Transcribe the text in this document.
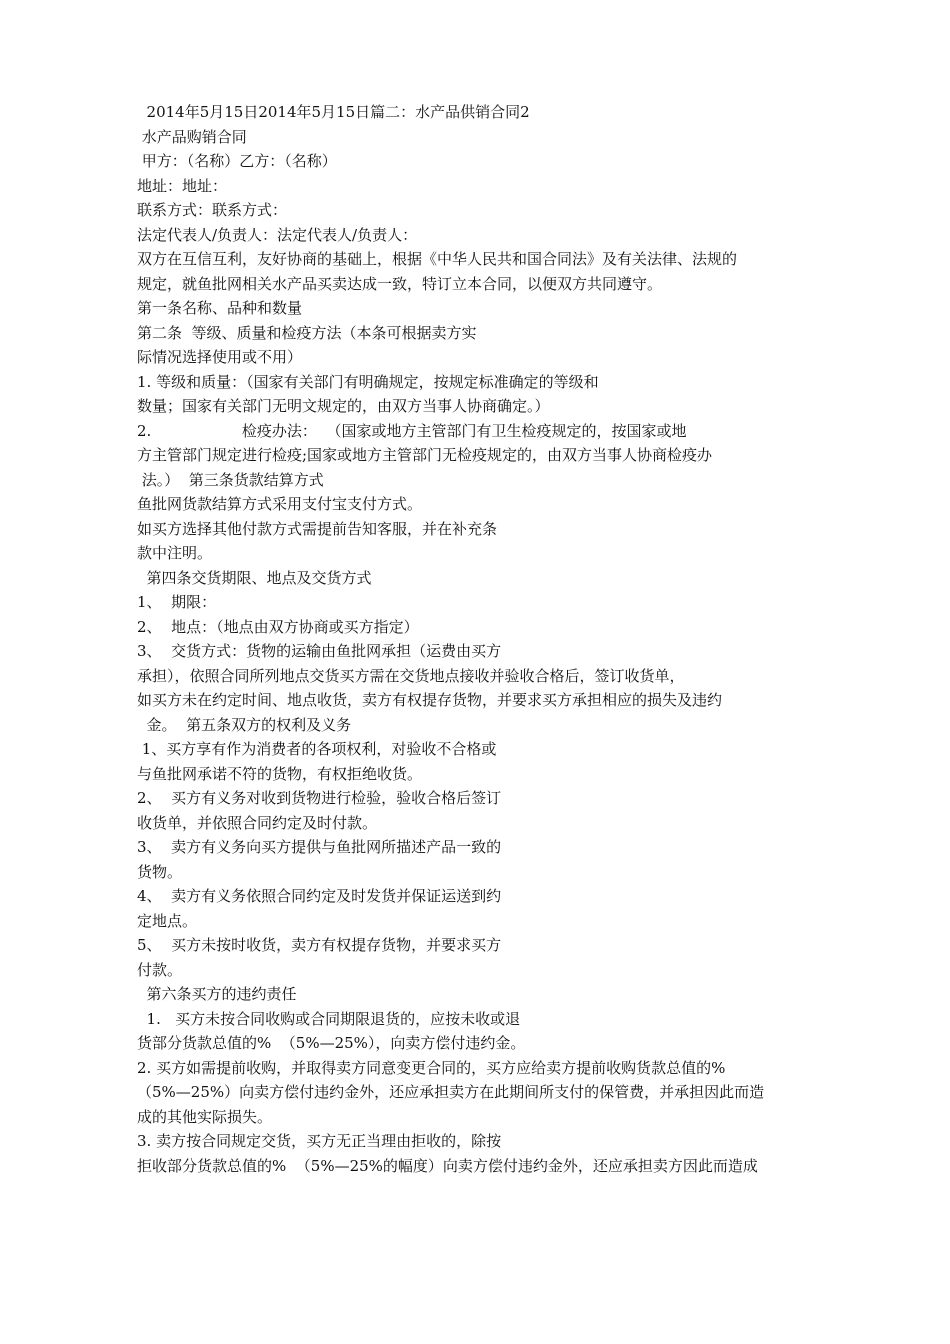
2014年5月15日2014年5月15日篇二：水产品供销合同2
水产品购销合同
甲方：（名称）乙方：（名称）
地址：地址：
联系方式：联系方式：
法定代表人/负责人：法定代表人/负责人：
双方在互信互利，友好协商的基础上，根据《中华人民共和国合同法》及有关法律、法规的
规定，就鱼批网相关水产品买卖达成一致，特订立本合同，以便双方共同遵守。
第一条名称、品种和数量
第二条  等级、质量和检疫方法（本条可根据卖方实
际情况选择使用或不用）
1. 等级和质量：（国家有关部门有明确规定，按规定标准确定的等级和
数量；国家有关部门无明文规定的，由双方当事人协商确定。）
2.                   检疫办法：  （国家或地方主管部门有卫生检疫规定的，按国家或地
方主管部门规定进行检疫;国家或地方主管部门无检疫规定的，由双方当事人协商检疫办
法。）  第三条货款结算方式
鱼批网货款结算方式采用支付宝支付方式。
如买方选择其他付款方式需提前告知客服，并在补充条
款中注明。
第四条交货期限、地点及交货方式
1、  期限：
2、  地点：（地点由双方协商或买方指定）
3、  交货方式：货物的运输由鱼批网承担（运费由买方
承担），依照合同所列地点交货买方需在交货地点接收并验收合格后，签订收货单，
如买方未在约定时间、地点收货，卖方有权提存货物，并要求买方承担相应的损失及违约
金。  第五条双方的权利及义务
1、买方享有作为消费者的各项权利，对验收不合格或
与鱼批网承诺不符的货物，有权拒绝收货。
2、  买方有义务对收到货物进行检验，验收合格后签订
收货单，并依照合同约定及时付款。
3、  卖方有义务向买方提供与鱼批网所描述产品一致的
货物。
4、  卖方有义务依照合同约定及时发货并保证运送到约
定地点。
5、  买方未按时收货，卖方有权提存货物，并要求买方
付款。
第六条买方的违约责任
1.   买方未按合同收购或合同期限退货的，应按未收或退
货部分货款总值的%  （5%—25%），向卖方偿付违约金。
2. 买方如需提前收购，并取得卖方同意变更合同的，买方应给卖方提前收购货款总值的%
（5%—25%）向卖方偿付违约金外，还应承担卖方在此期间所支付的保管费，并承担因此而造
成的其他实际损失。
3. 卖方按合同规定交货，买方无正当理由拒收的，除按
拒收部分货款总值的%  （5%—25%的幅度）向卖方偿付违约金外，还应承担卖方因此而造成
